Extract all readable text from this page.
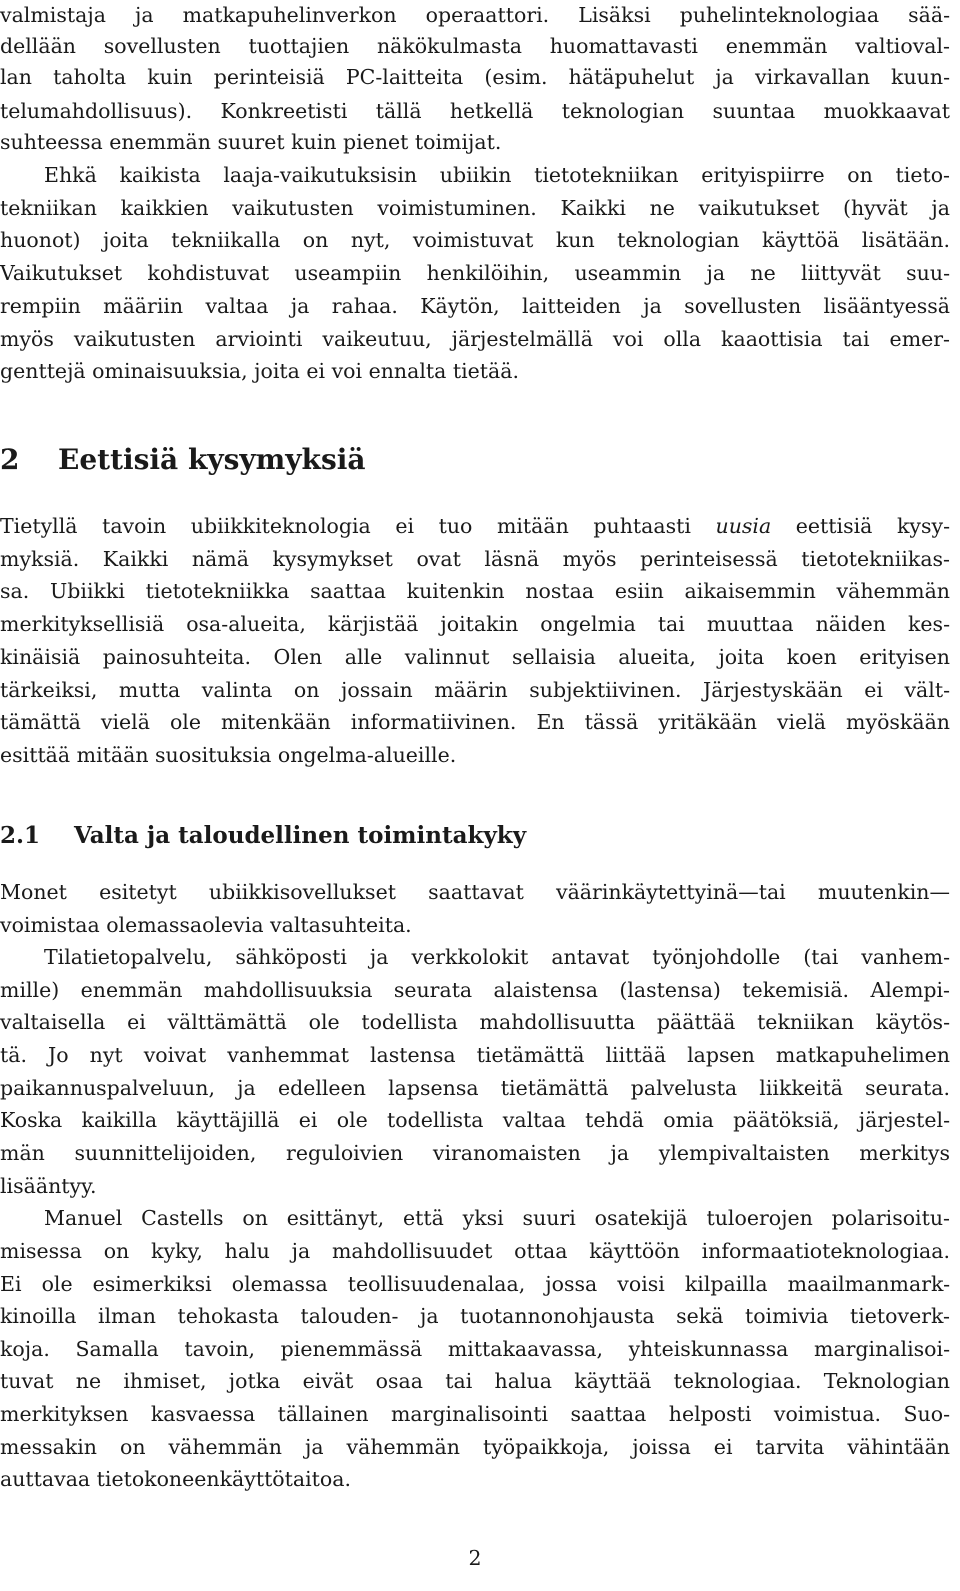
valmistaja ja matkapuhelinverkon operaattori. Lisäksi puhelinteknologiaa sää-
dellään sovellusten tuottajien näkökulmasta huomattavasti enemmän valtioval-
lan taholta kuin perinteisiä PC-laitteita (esim. hätäpuhelut ja virkavallan kuun-
telumahdollisuus). Konkreetisti tällä hetkellä teknologian suuntaa muokkaavat
suhteessa enemmän suuret kuin pienet toimijat.
Ehkä kaikista laaja-vaikutuksisin ubiikin tietotekniikan erityispiirre on tieto-
tekniikan kaikkien vaikutusten voimistuminen. Kaikki ne vaikutukset (hyvät ja
huonot) joita tekniikalla on nyt, voimistuvat kun teknologian käyttöä lisätään.
Vaikutukset kohdistuvat useampiin henkilöihin, useammin ja ne liittyvät suu-
rempiin määriin valtaa ja rahaa. Käytön, laitteiden ja sovellusten lisääntyessä
myös vaikutusten arviointi vaikeutuu, järjestelmällä voi olla kaaottisia tai emer-
genttejä ominaisuuksia, joita ei voi ennalta tietää.
2 Eettisiä kysymyksiä
Tietyllä tavoin ubiikkiteknologia ei tuo mitään puhtaasti uusia eettisiä kysy-
myksiä. Kaikki nämä kysymykset ovat läsnä myös perinteisessä tietotekniikas-
sa. Ubiikki tietotekniikka saattaa kuitenkin nostaa esiin aikaisemmin vähemmän
merkityksellisiä osa-alueita, kärjistää joitakin ongelmia tai muuttaa näiden kes-
kinäisiä painosuhteita. Olen alle valinnut sellaisia alueita, joita koen erityisen
tärkeiksi, mutta valinta on jossain määrin subjektiivinen. Järjestyskään ei vält-
tämättä vielä ole mitenkään informatiivinen. En tässä yritäkään vielä myöskään
esittää mitään suosituksia ongelma-alueille.
2.1 Valta ja taloudellinen toimintakyky
Monet esitetyt ubiikkisovellukset saattavat väärinkäytettyinä—tai muutenkin—
voimistaa olemassaolevia valtasuhteita.
Tilatietopalvelu, sähköposti ja verkkolokit antavat työnjohdolle (tai vanhem-
mille) enemmän mahdollisuuksia seurata alaistensa (lastensa) tekemisiä. Alempi-
valtaisella ei välttämättä ole todellista mahdollisuutta päättää tekniikan käytös-
tä. Jo nyt voivat vanhemmat lastensa tietämättä liittää lapsen matkapuhelimen
paikannuspalveluun, ja edelleen lapsensa tietämättä palvelusta liikkeitä seurata.
Koska kaikilla käyttäjillä ei ole todellista valtaa tehdä omia päätöksiä, järjestel-
män suunnittelijoiden, reguloivien viranomaisten ja ylempivaltaisten merkitys
lisääntyy.
Manuel Castells on esittänyt, että yksi suuri osatekijä tuloerojen polarisoitu-
misessa on kyky, halu ja mahdollisuudet ottaa käyttöön informaatioteknologiaa.
Ei ole esimerkiksi olemassa teollisuudenalaa, jossa voisi kilpailla maailmanmark-
kinoilla ilman tehokasta talouden- ja tuotannonohjausta sekä toimivia tietoverk-
koja. Samalla tavoin, pienemmässä mittakaavassa, yhteiskunnassa marginalisoi-
tuvat ne ihmiset, jotka eivät osaa tai halua käyttää teknologiaa. Teknologian
merkityksen kasvaessa tällainen marginalisointi saattaa helposti voimistua. Suo-
messakin on vähemmän ja vähemmän työpaikkoja, joissa ei tarvita vähintään
auttavaa tietokoneenkäyttötaitoa.
2
